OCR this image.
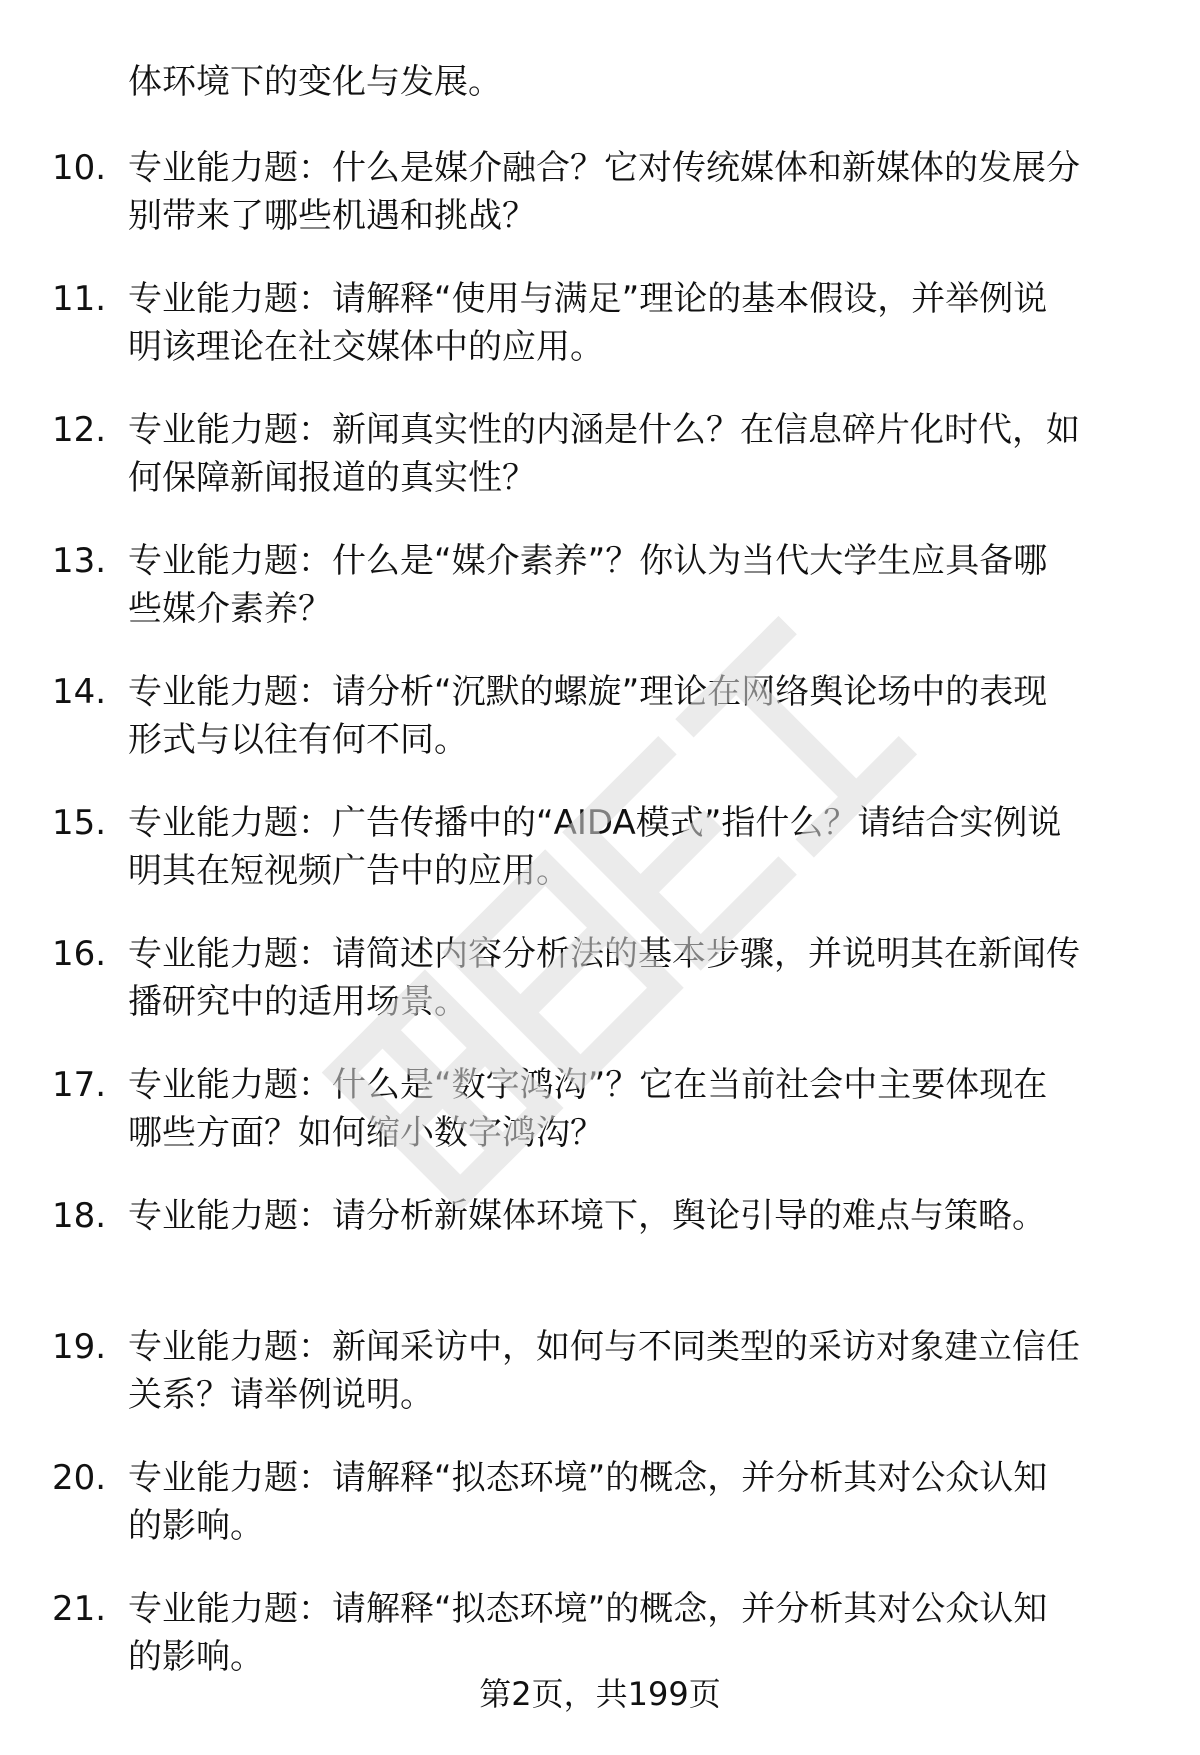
体环境下的变化与发展。
10. 专业能力题：什么是媒介融合？它对传统媒体和新媒体的发展分
别带来了哪些机遇和挑战？
11. 专业能力题：请解释“使用与满足”理论的基本假设，并举例说
明该理论在社交媒体中的应用。
12. 专业能力题：新闻真实性的内涵是什么？在信息碎片化时代，如
何保障新闻报道的真实性？
13. 专业能力题：什么是“媒介素养”？你认为当代大学生应具备哪
些媒介素养？
14. 专业能力题：请分析“沉默的螺旋”理论在网络舆论场中的表现
形式与以往有何不同。
15. 专业能力题：广告传播中的“AIDA模式”指什么？请结合实例说
明其在短视频广告中的应用。
16. 专业能力题：请简述内容分析法的基本步骤，并说明其在新闻传
播研究中的适用场景。
17. 专业能力题：什么是“数字鸿沟”？它在当前社会中主要体现在
哪些方面？如何缩小数字鸿沟？
18. 专业能力题：请分析新媒体环境下，舆论引导的难点与策略。
19. 专业能力题：新闻采访中，如何与不同类型的采访对象建立信任
关系？请举例说明。
20. 专业能力题：请解释“拟态环境”的概念，并分析其对公众认知
的影响。
21. 专业能力题：请解释“拟态环境”的概念，并分析其对公众认知
的影响。
第2页，共199页
